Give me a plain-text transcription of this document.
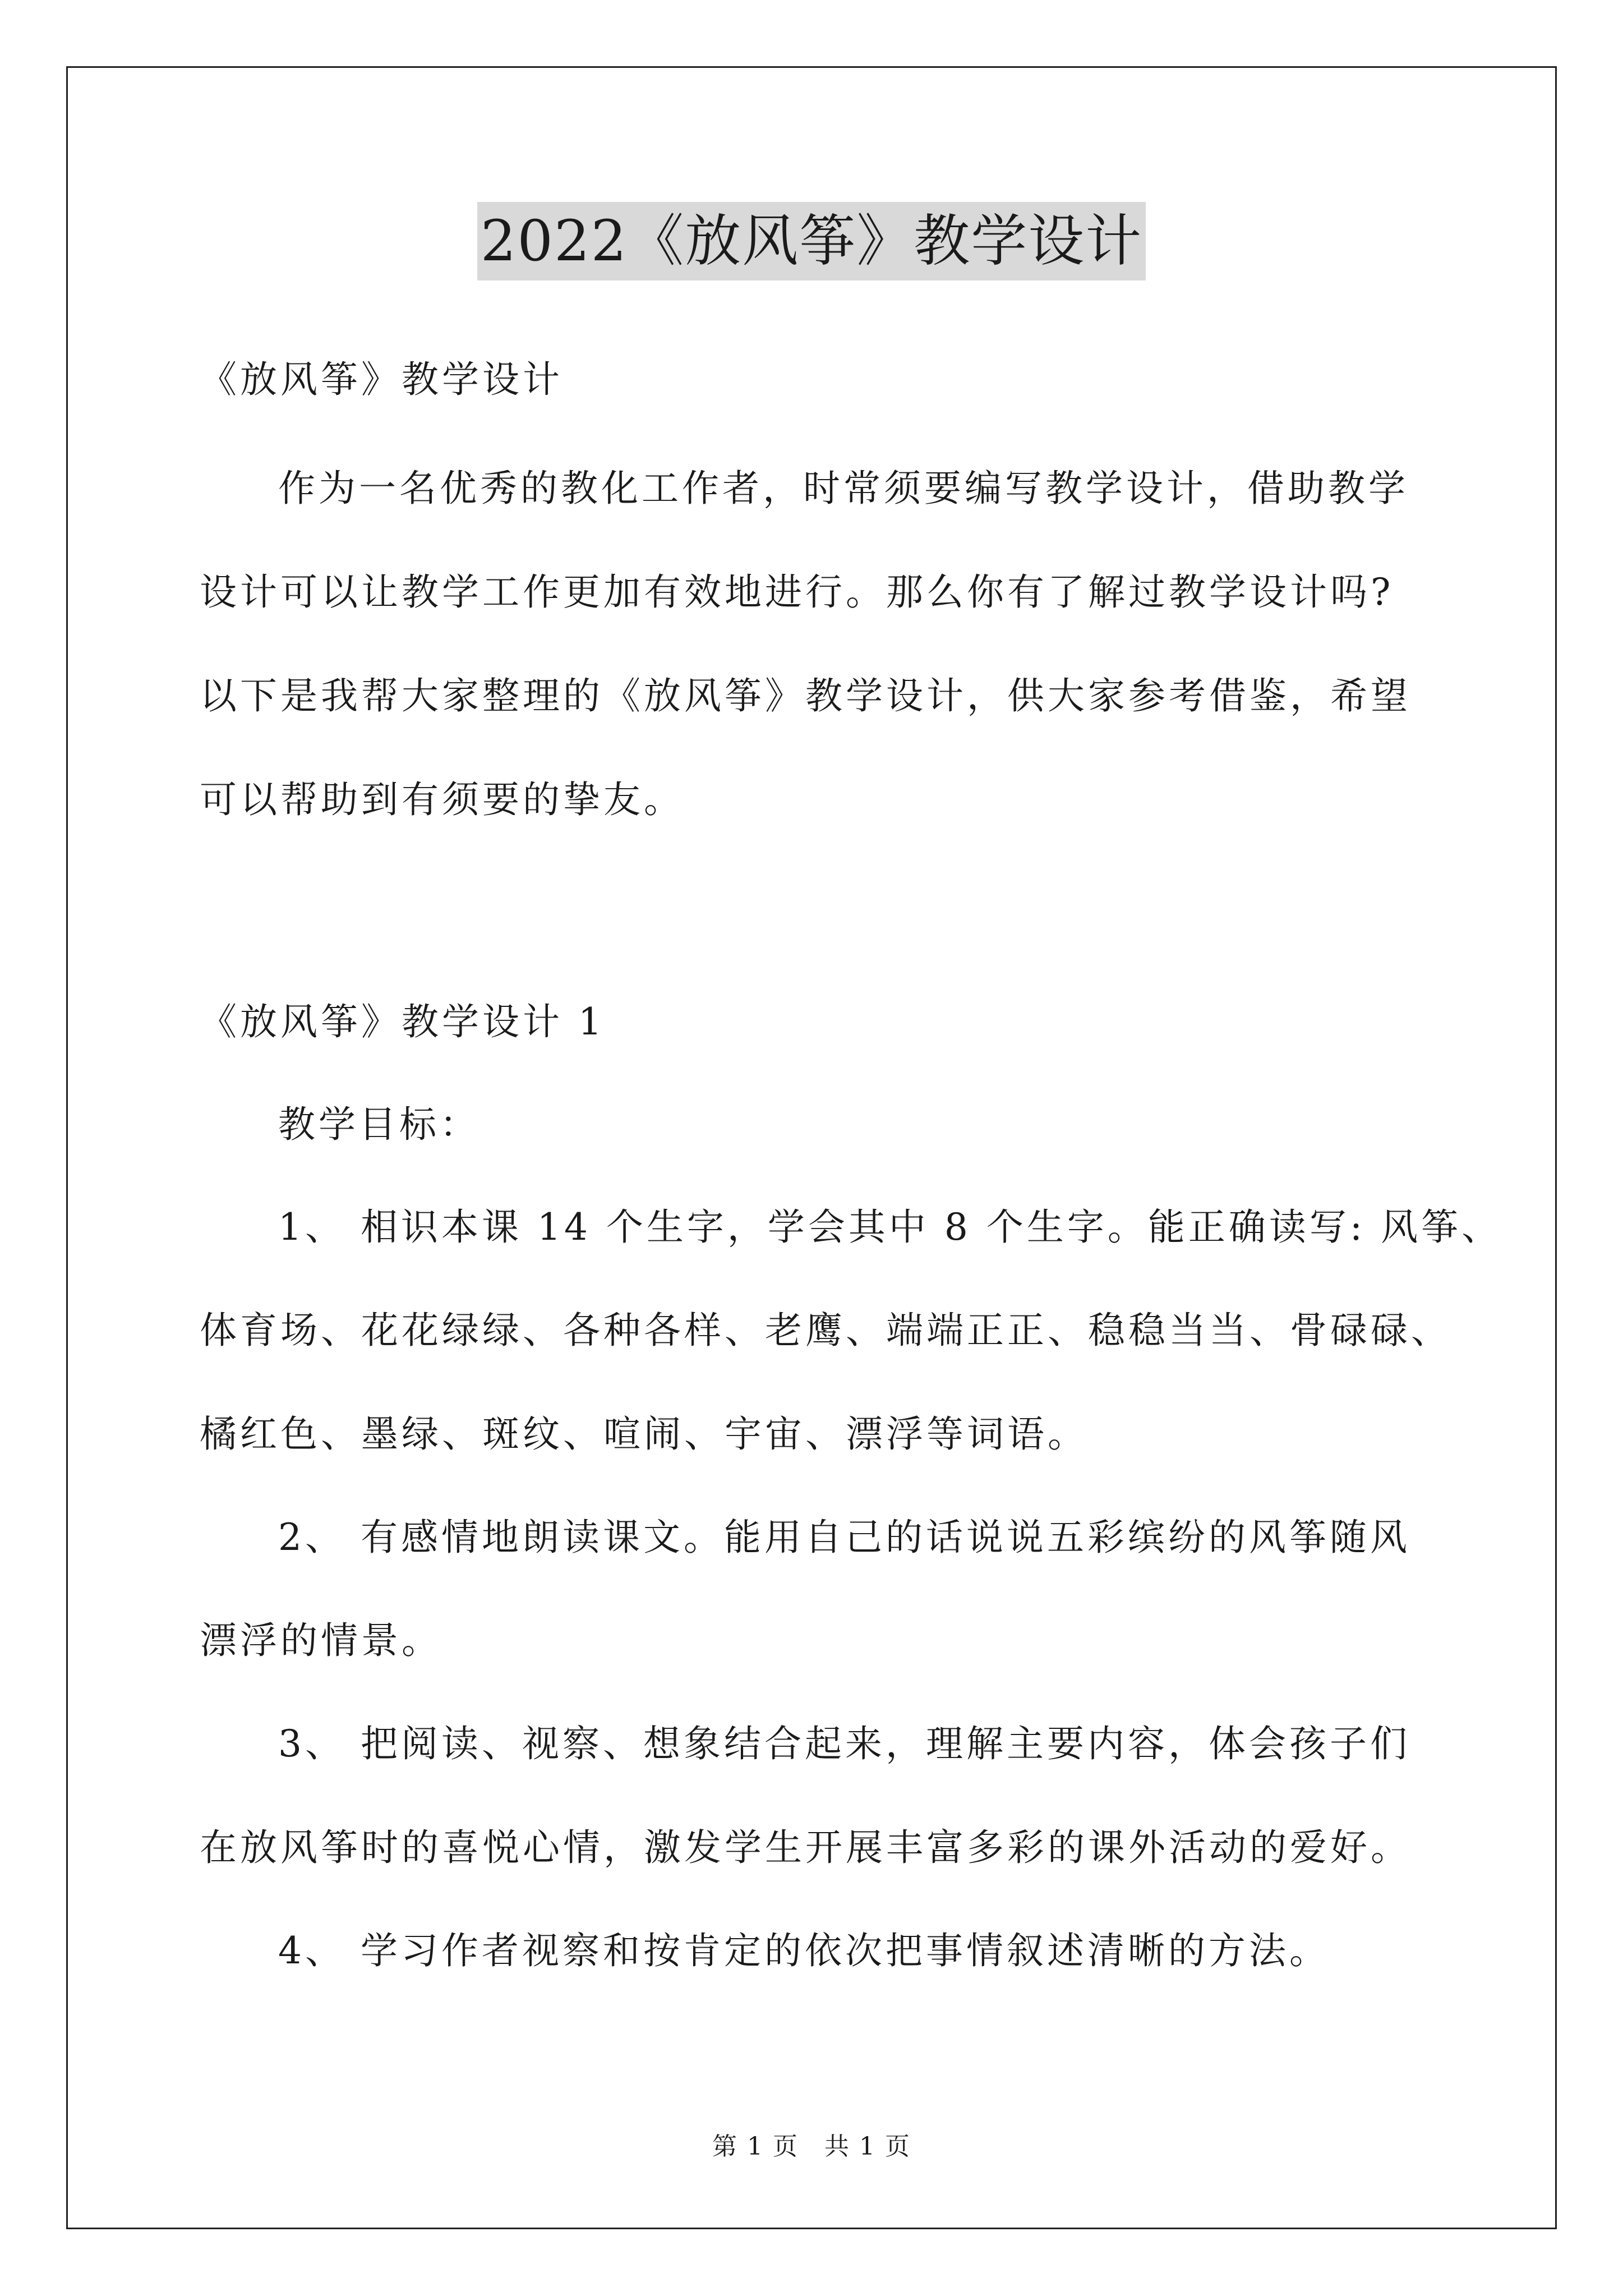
2022《放风筝》教学设计
《放风筝》教学设计
作为一名优秀的教化工作者，时常须要编写教学设计，借助教学
设计可以让教学工作更加有效地进行。那么你有了解过教学设计吗?
以下是我帮大家整理的《放风筝》教学设计，供大家参考借鉴，希望
可以帮助到有须要的挚友。
《放风筝》教学设计 1
教学目标：
1、 相识本课 14 个生字，学会其中 8 个生字。能正确读写: 风筝、
体育场、花花绿绿、各种各样、老鹰、端端正正、稳稳当当、骨碌碌、
橘红色、墨绿、斑纹、喧闹、宇宙、漂浮等词语。
2、 有感情地朗读课文。能用自己的话说说五彩缤纷的风筝随风
漂浮的情景。
3、 把阅读、视察、想象结合起来，理解主要内容，体会孩子们
在放风筝时的喜悦心情，激发学生开展丰富多彩的课外活动的爱好。
4、 学习作者视察和按肯定的依次把事情叙述清晰的方法。
第 1 页　共 1 页
